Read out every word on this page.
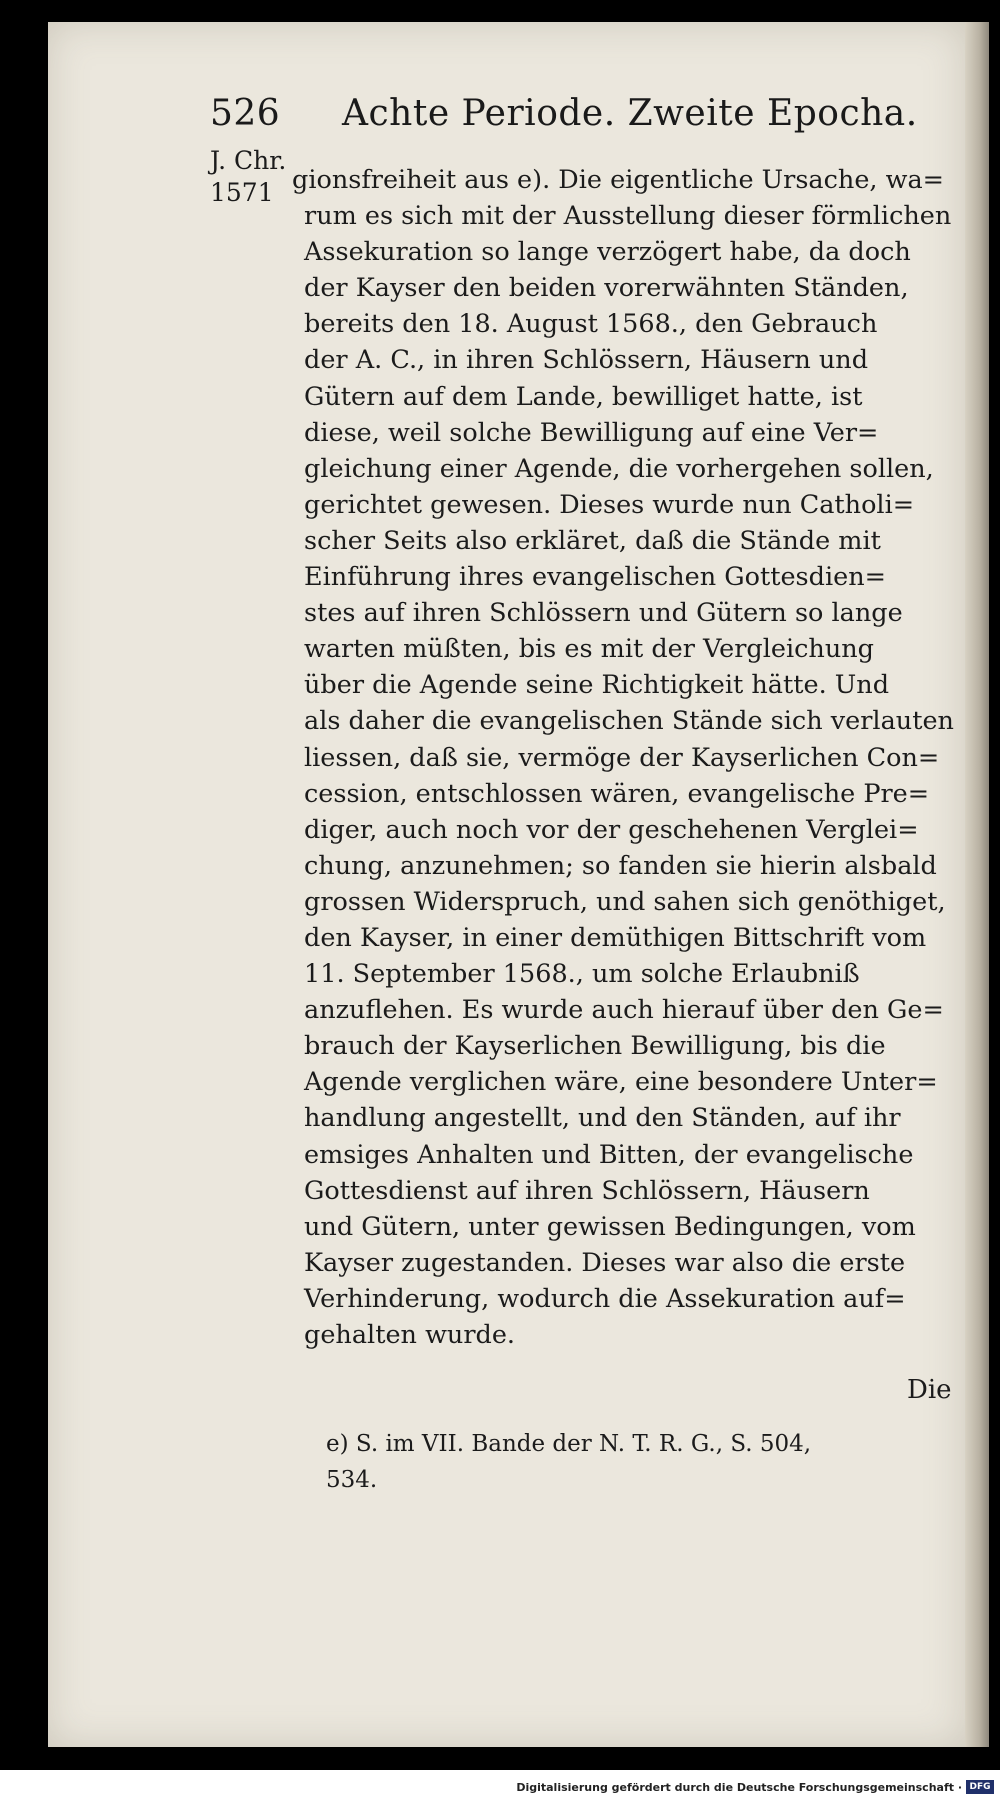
526 Achte Periode. Zweite Epocha.
J. Chr.
1571 gionsfreiheit aus e). Die eigentliche Ursache, wa=
rum es sich mit der Ausstellung dieser förmlichen
Assekuration so lange verzögert habe, da doch
der Kayser den beiden vorerwähnten Ständen,
bereits den 18. August 1568., den Gebrauch
der A. C., in ihren Schlössern, Häusern und
Gütern auf dem Lande, bewilliget hatte, ist
diese, weil solche Bewilligung auf eine Ver=
gleichung einer Agende, die vorhergehen sollen,
gerichtet gewesen. Dieses wurde nun Catholi=
scher Seits also erkläret, daß die Stände mit
Einführung ihres evangelischen Gottesdien=
stes auf ihren Schlössern und Gütern so lange
warten müßten, bis es mit der Vergleichung
über die Agende seine Richtigkeit hätte. Und
als daher die evangelischen Stände sich verlauten
liessen, daß sie, vermöge der Kayserlichen Con=
cession, entschlossen wären, evangelische Pre=
diger, auch noch vor der geschehenen Verglei=
chung, anzunehmen; so fanden sie hierin alsbald
grossen Widerspruch, und sahen sich genöthiget,
den Kayser, in einer demüthigen Bittschrift vom
11. September 1568., um solche Erlaubniß
anzuflehen. Es wurde auch hierauf über den Ge=
brauch der Kayserlichen Bewilligung, bis die
Agende verglichen wäre, eine besondere Unter=
handlung angestellt, und den Ständen, auf ihr
emsiges Anhalten und Bitten, der evangelische
Gottesdienst auf ihren Schlössern, Häusern
und Gütern, unter gewissen Bedingungen, vom
Kayser zugestanden. Dieses war also die erste
Verhinderung, wodurch die Assekuration auf=
gehalten wurde.
Die
e) S. im VII. Bande der N. T. R. G., S. 504,
534.
Digitalisierung gefördert durch die Deutsche Forschungsgemeinschaft · DFG
